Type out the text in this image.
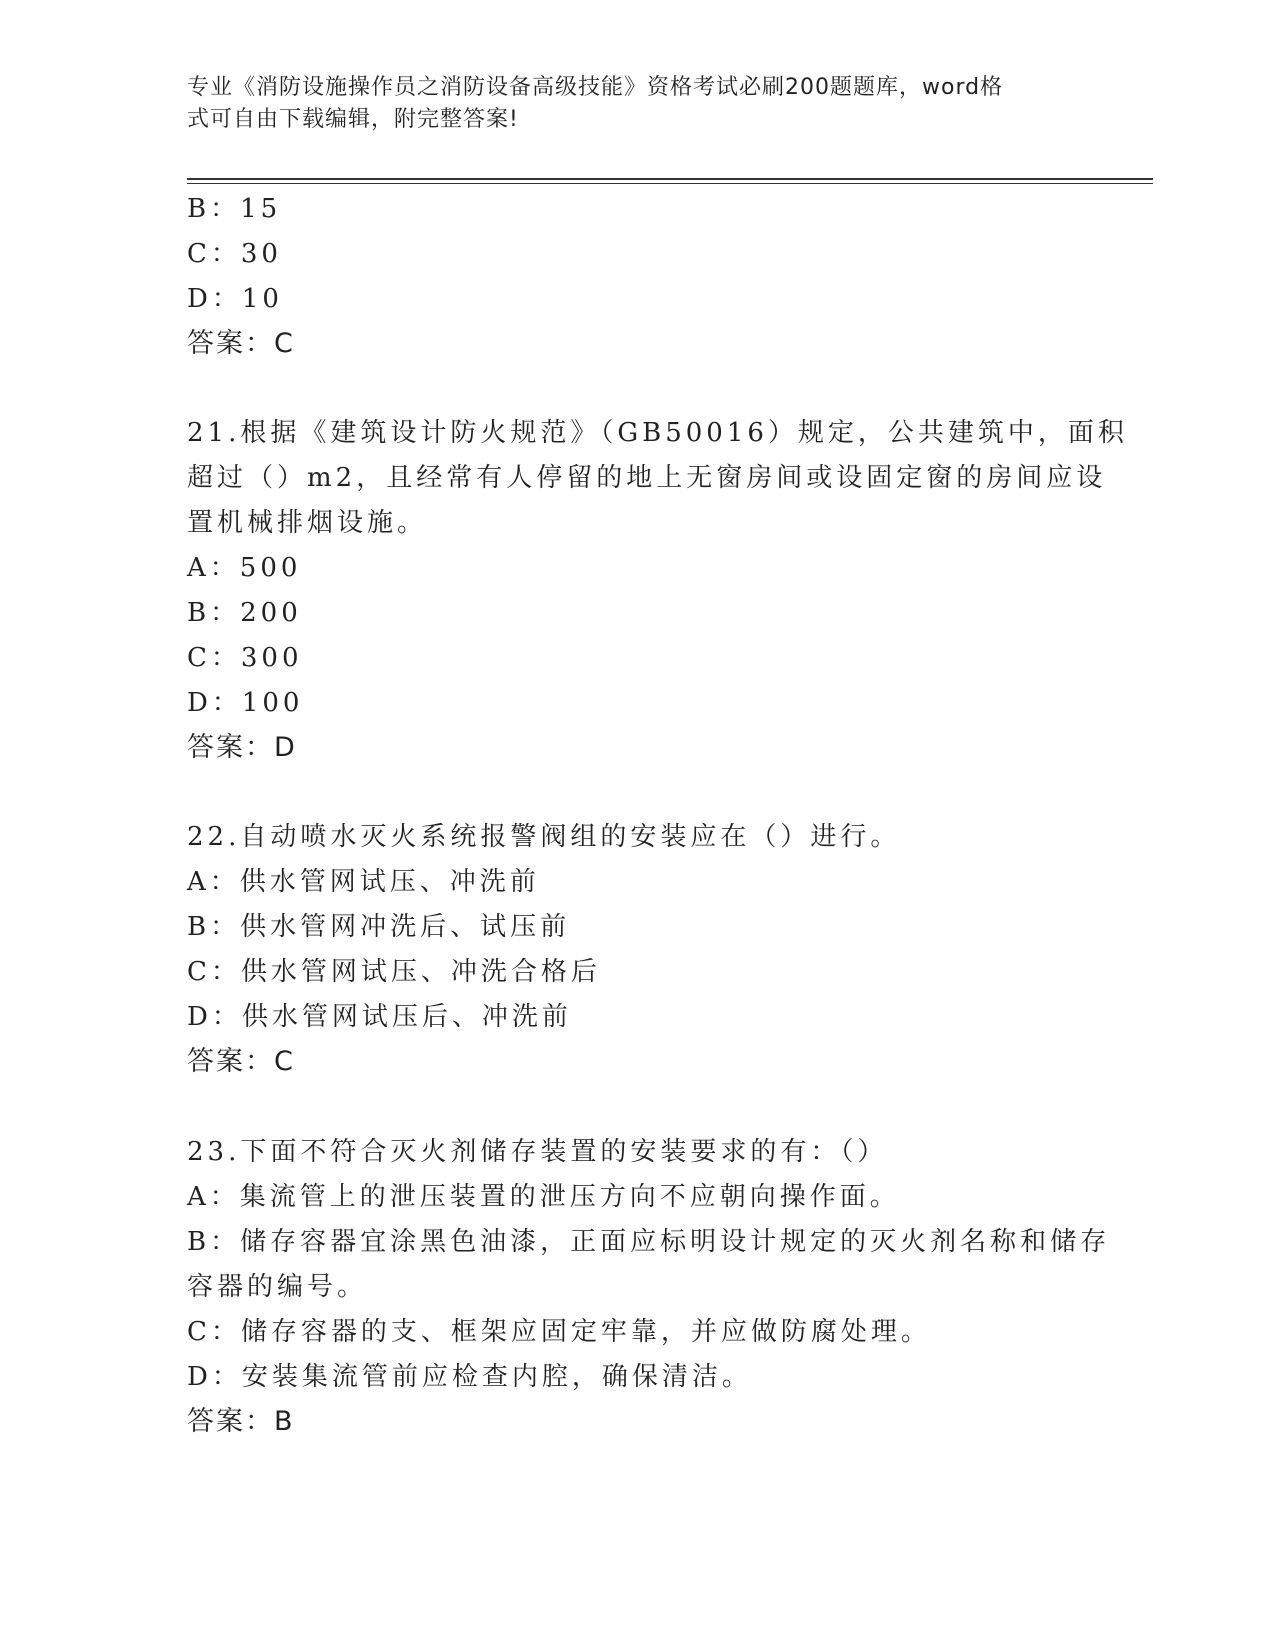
专业《消防设施操作员之消防设备高级技能》资格考试必刷200题题库，word格
式可自由下载编辑，附完整答案!
B：15
C：30
D：10
答案：C
21.根据《建筑设计防火规范》（GB50016）规定，公共建筑中，面积
超过（）m2，且经常有人停留的地上无窗房间或设固定窗的房间应设
置机械排烟设施。
A：500
B：200
C：300
D：100
答案：D
22.自动喷水灭火系统报警阀组的安装应在（）进行。
A：供水管网试压、冲洗前
B：供水管网冲洗后、试压前
C：供水管网试压、冲洗合格后
D：供水管网试压后、冲洗前
答案：C
23.下面不符合灭火剂储存装置的安装要求的有：（）
A：集流管上的泄压装置的泄压方向不应朝向操作面。
B：储存容器宜涂黑色油漆，正面应标明设计规定的灭火剂名称和储存
容器的编号。
C：储存容器的支、框架应固定牢靠，并应做防腐处理。
D：安装集流管前应检查内腔，确保清洁。
答案：B
